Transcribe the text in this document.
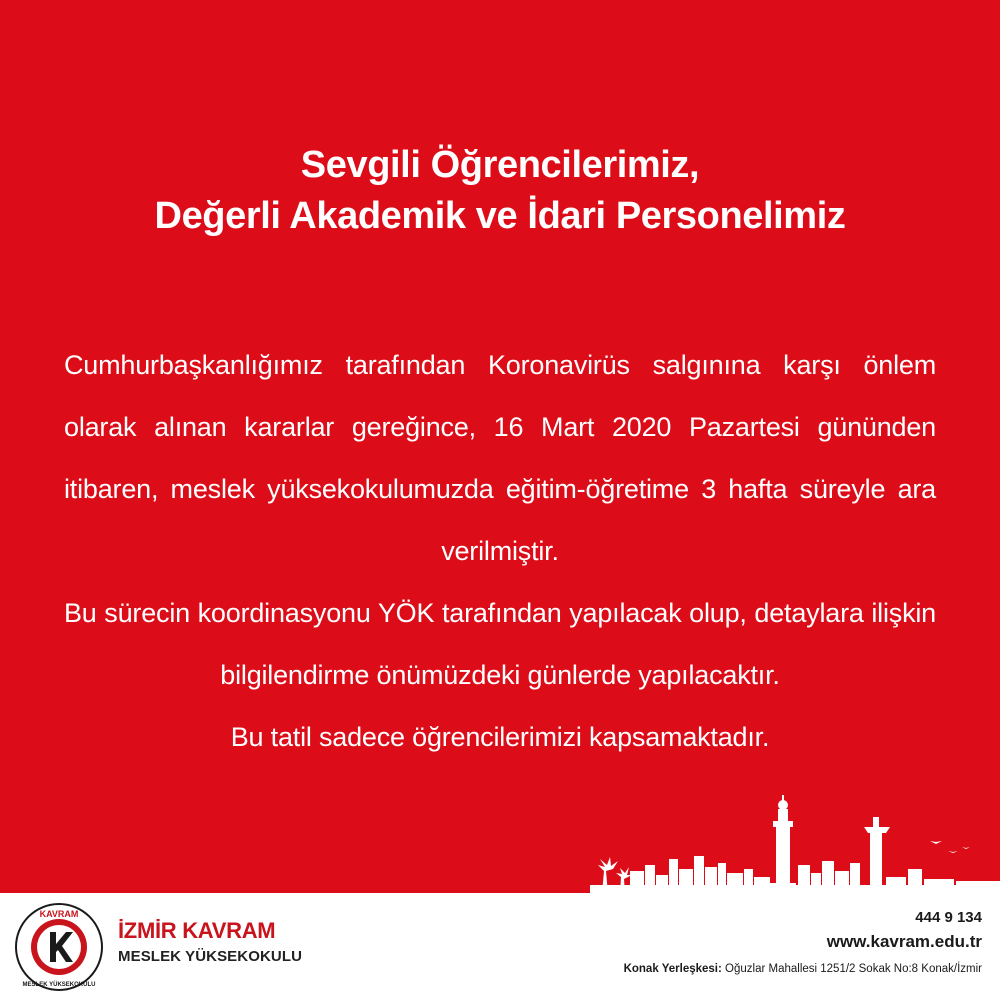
Sevgili Öğrencilerimiz,
Değerli Akademik ve İdari Personelimiz
Cumhurbaşkanlığımız tarafından Koronavirüs salgınına karşı önlem olarak alınan kararlar gereğince, 16 Mart 2020 Pazartesi gününden itibaren, meslek yüksekokulumuzda eğitim-öğretime 3 hafta süreyle ara verilmiştir.
Bu sürecin koordinasyonu YÖK tarafından yapılacak olup, detaylara ilişkin bilgilendirme önümüzdeki günlerde yapılacaktır.
Bu tatil sadece öğrencilerimizi kapsamaktadır.
KAVRAM
MESLEK YÜKSEKOKULU
İZMİR KAVRAM
MESLEK YÜKSEKOKULU
444 9 134
www.kavram.edu.tr
Konak Yerleşkesi: Oğuzlar Mahallesi 1251/2 Sokak No:8 Konak/İzmir
